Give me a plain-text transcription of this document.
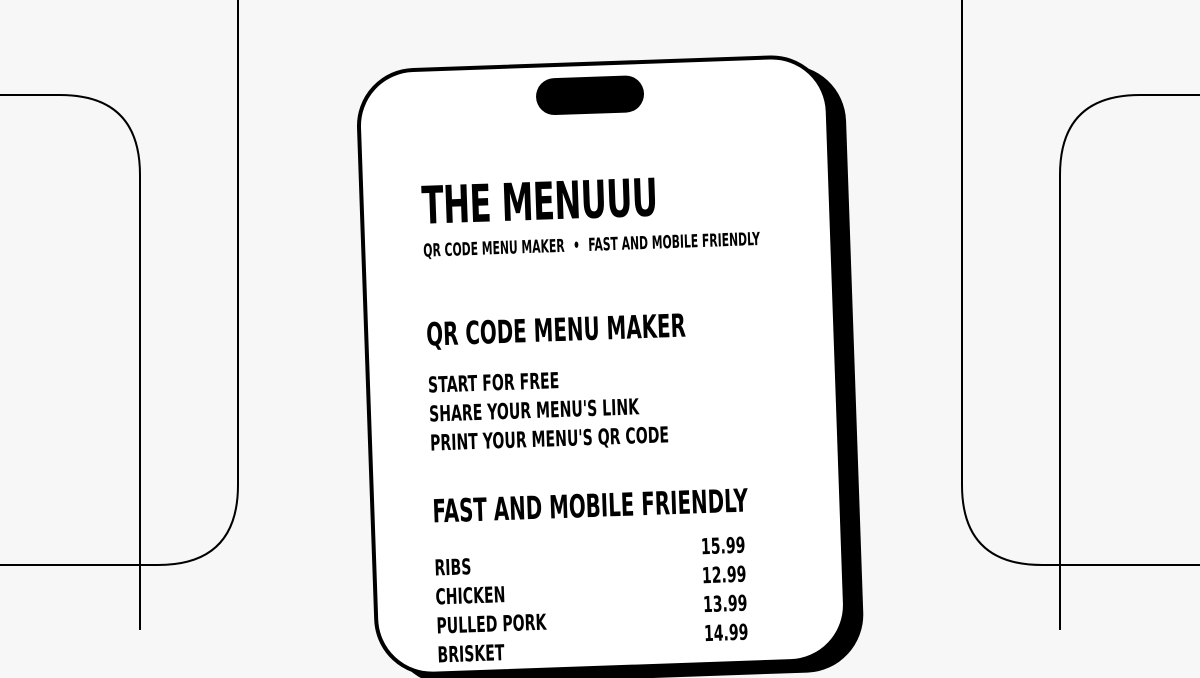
THE MENUUU
QR CODE MENU MAKER • FAST AND MOBILE FRIENDLY
QR CODE MENU MAKER
START FOR FREE
SHARE YOUR MENU'S LINK
PRINT YOUR MENU'S QR CODE
FAST AND MOBILE FRIENDLY
RIBS
15.99
CHICKEN
12.99
PULLED PORK
13.99
BRISKET
14.99
